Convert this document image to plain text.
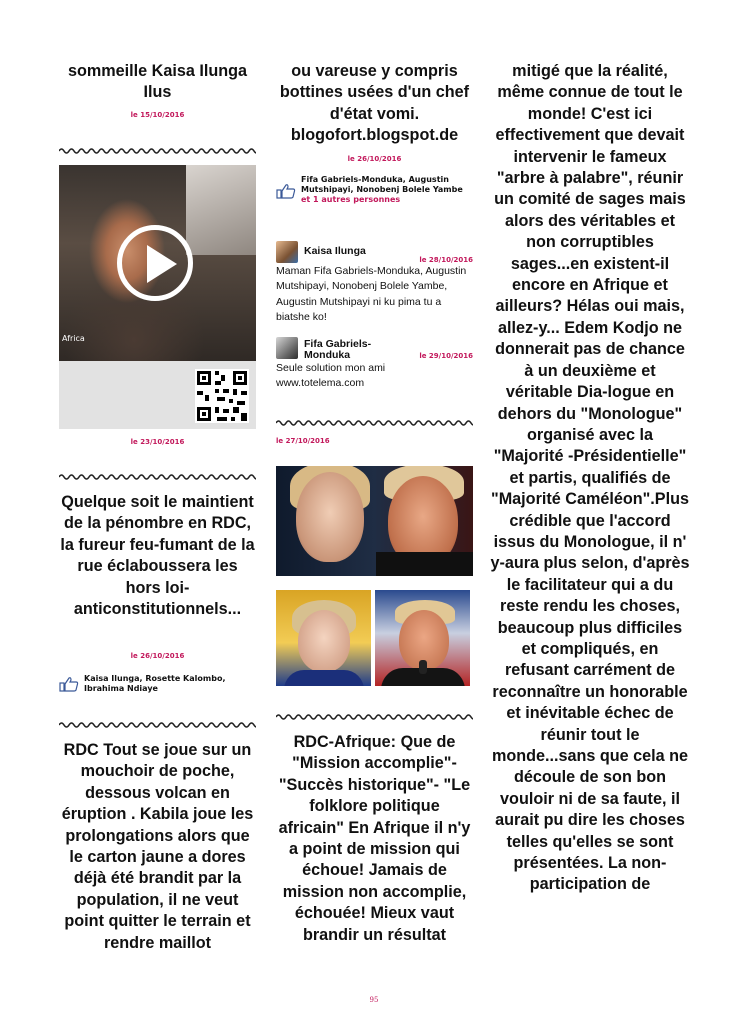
sommeille Kaisa Ilunga Ilus

le 15/10/2016
Africa
le 23/10/2016

Quelque soit le maintient de la pénombre en RDC, la fureur feu-fumant de la rue éclaboussera les hors loi-anticonstitutionnels...

le 26/10/2016
Kaisa Ilunga, Rosette Kalombo, Ibrahima Ndiaye

RDC Tout se joue sur un mouchoir de poche, dessous volcan en éruption . Kabila joue les prolongations alors que le carton jaune a dores déjà été brandit par la population, il ne veut point quitter le terrain et rendre maillot

ou vareuse y compris bottines usées d'un chef d'état vomi. blogofort.blogspot.de

le 26/10/2016
Fifa Gabriels-Monduka, Augustin Mutshipayi, Nonobenj Bolele Yambe et 1 autres personnes
Kaisa Ilunga
le 28/10/2016
Maman Fifa Gabriels-Monduka, Augustin Mutshipayi, Nonobenj Bolele Yambe, Augustin Mutshipayi ni ku pima tu a biatshe ko!
Fifa Gabriels-Monduka	le 29/10/2016
Seule solution mon ami www.totelema.com
le 27/10/2016

RDC-Afrique: Que de "Mission accomplie"- "Succès historique"- "Le folklore politique africain" En Afrique il n'y a point de mission qui échoue! Jamais de mission non accomplie, échouée! Mieux vaut brandir un résultat

mitigé que la réalité, même connue de tout le monde! C'est ici effectivement que devait intervenir le fameux "arbre à palabre", réunir un comité de sages mais alors des véritables et non corruptibles sages...en existent-il encore en Afrique et ailleurs? Hélas oui mais, allez-y... Edem Kodjo ne donnerait pas de chance à un deuxième et véritable Dia-logue en dehors du "Monologue" organisé avec la "Majorité -Présidentielle" et partis, qualifiés de "Majorité Caméléon".Plus crédible que l'accord issus du Monologue, il n' y-aura plus selon, d'après le facilitateur qui a du reste rendu les choses, beaucoup plus difficiles et compliqués, en refusant carrément de reconnaître un honorable et inévitable échec de réunir tout le monde...sans que cela ne découle de son bon vouloir ni de sa faute, il aurait pu dire les choses telles qu'elles se sont présentées. La non-participation de

95
